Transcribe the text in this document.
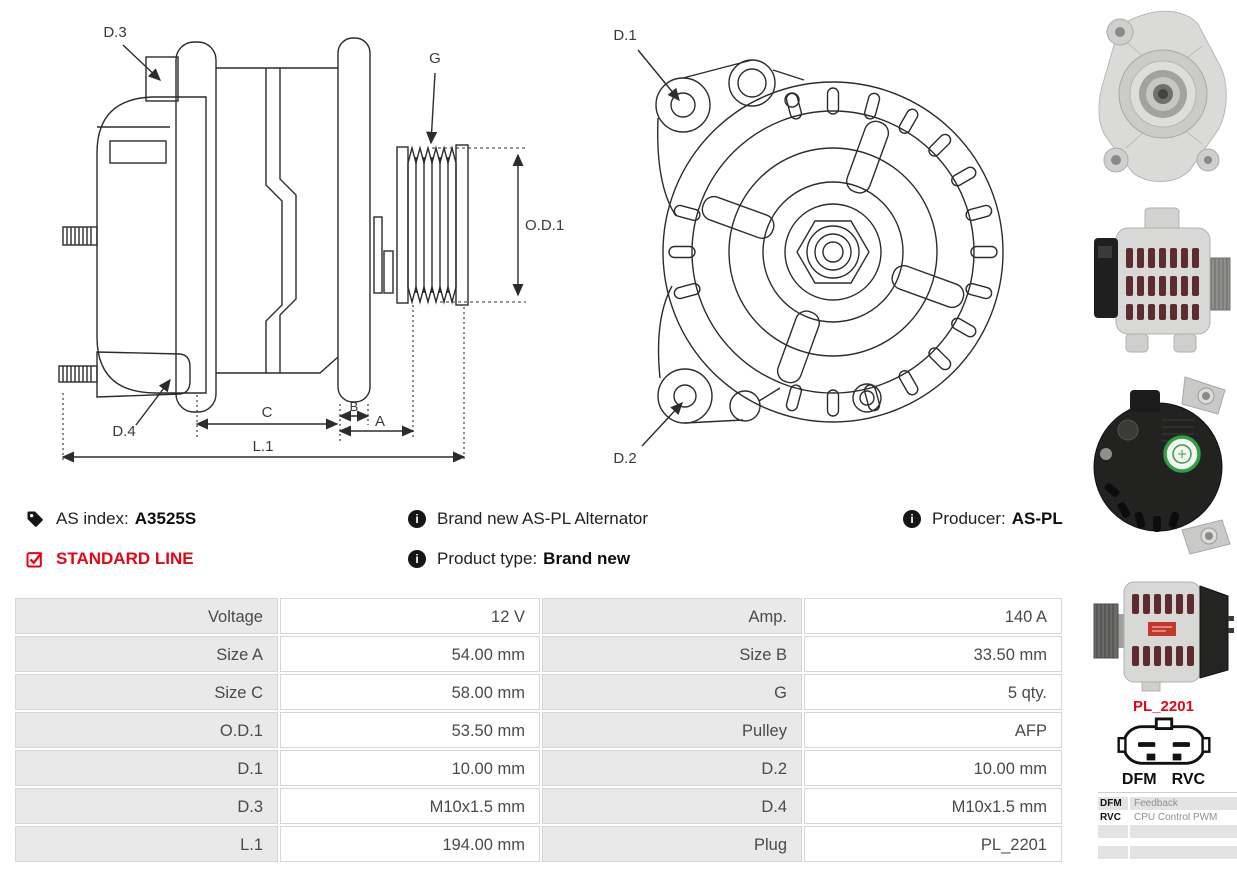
D.3
G
O.D.1
D.4
C	B
A
L.1
D.1
D.2
AS index: A3525S
STANDARD LINE
i	Brand new AS-PL Alternator
i	Product type: Brand new
i	Producer: AS-PL
Voltage	12 V	Amp.	140 A
Size A	54.00 mm	Size B	33.50 mm
Size C	58.00 mm	G	5 qty.
O.D.1	53.50 mm	Pulley	AFP
D.1	10.00 mm	D.2	10.00 mm
D.3	M10x1.5 mm	D.4	M10x1.5 mm
L.1	194.00 mm	Plug	PL_2201
PL_2201
DFM RVC
DFM	Feedback
RVC	CPU Control PWM
